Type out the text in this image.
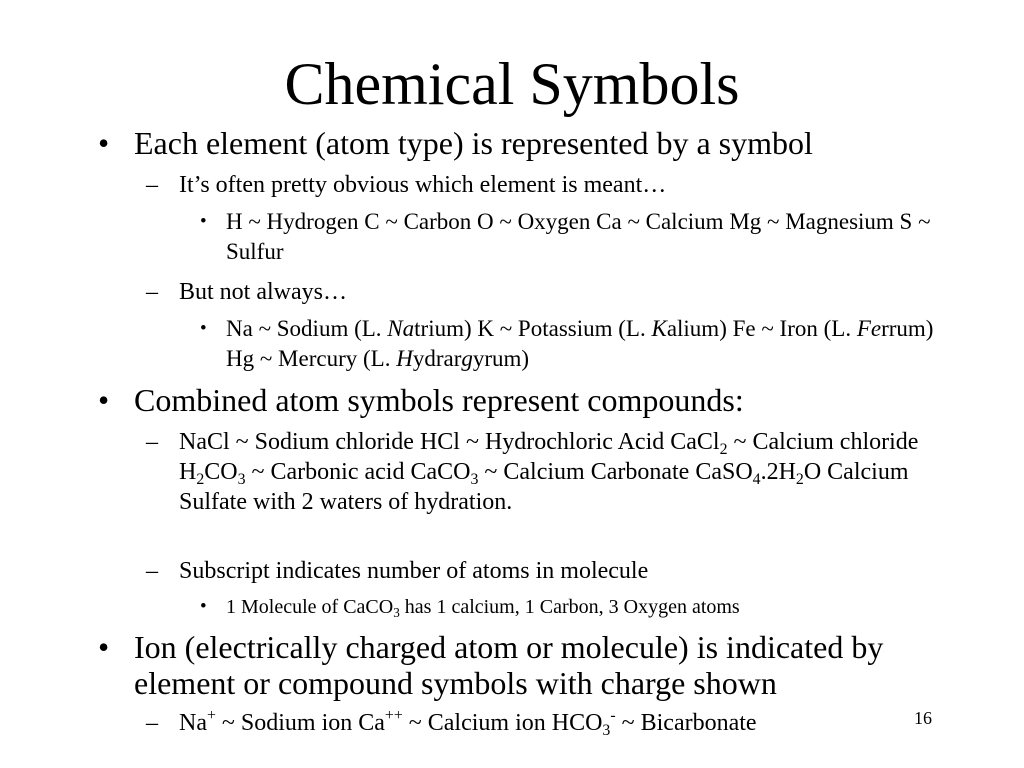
Chemical Symbols
• Each element (atom type) is represented by a symbol
– It’s often pretty obvious which element is meant…
• H ~ Hydrogen C ~ Carbon O ~ Oxygen Ca ~ Calcium Mg ~ Magnesium S ~ Sulfur
– But not always…
• Na ~ Sodium (L. Natrium) K ~ Potassium (L. Kalium) Fe ~ Iron (L. Ferrum) Hg ~ Mercury (L. Hydrargyrum)
• Combined atom symbols represent compounds:
– NaCl ~ Sodium chloride HCl ~ Hydrochloric Acid CaCl$_2$ ~ Calcium chloride $H_2CO_3$ ~ Carbonic acid CaCO$_3$ ~ Calcium Carbonate $CaSO_4.2H_2O$ Calcium Sulfate with 2 waters of hydration.
– Subscript indicates number of atoms in molecule
• 1 Molecule of CaCO$_3$ has 1 calcium, 1 Carbon, 3 Oxygen atoms
• Ion (electrically charged atom or molecule) is indicated by element or compound symbols with charge shown
– Na+ ~ Sodium ion Ca++ ~ Calcium ion $HCO_3^-$ ~ Bicarbonate	16
